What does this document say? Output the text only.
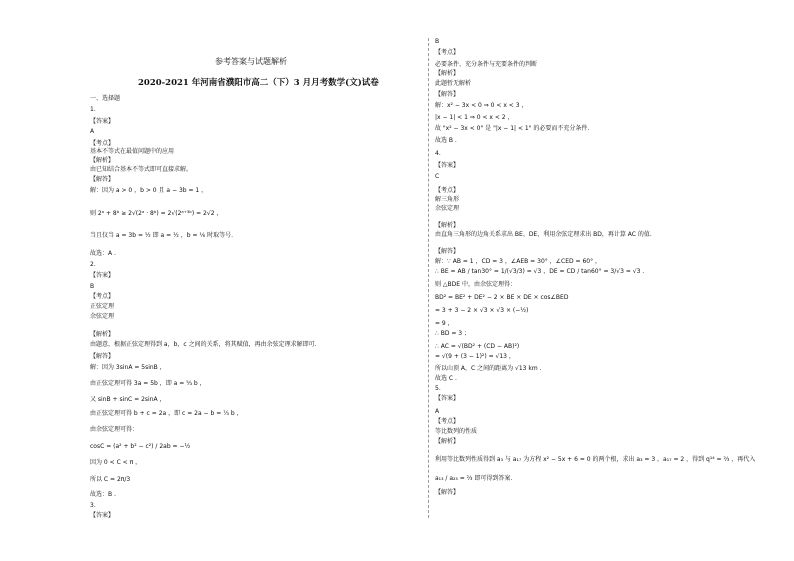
参考答案与试题解析
2020-2021 年河南省濮阳市高二（下）3 月月考数学(文)试卷
一、选择题
1.
【答案】
A
【考点】
基本不等式在最值问题中的应用
【解析】
由已知结合基本不等式即可直接求解。
【解答】
解：因为 a > 0 ，b > 0 且 a − 3b = 1 ，
则 2ᵃ + 8ᵇ ≥ 2√(2ᵃ · 8ᵇ) = 2√(2ᵃ⁺³ᵇ) = 2√2 ，
当且仅当 a = 3b = ½ 即 a = ½ ，b = ⅙ 时取等号.
故选：A .
2.
【答案】
B
【考点】
正弦定理
余弦定理
【解析】
由题意，根据正弦定理得到 a，b，c 之间的关系，将其赋值，再由余弦定理求解即可.
【解答】
解：因为 3sinA = 5sinB ，
由正弦定理可得 3a = 5b ，即 a = ⁵⁄₃ b ，
又 sinB + sinC = 2sinA ，
由正弦定理可得 b + c = 2a ，即 c = 2a − b = ⁷⁄₃ b ，
由余弦定理可得：
cosC = (a² + b² − c²) / 2ab = −½
因为 0 < C < π ，
所以 C = 2π/3
故选：B .
3.
【答案】
B
【考点】
必要条件、充分条件与充要条件的判断
【解析】
此题暂无解析
【解答】
解：x² − 3x < 0 ⇒ 0 < x < 3 ，
|x − 1| < 1 ⇒ 0 < x < 2 ，
故 "x² − 3x < 0" 是 "|x − 1| < 1" 的必要而不充分条件.
故选 B .
4.
【答案】
C
【考点】
解三角形
余弦定理
【解析】
由直角三角形的边角关系求出 BE、DE，利用余弦定理求出 BD，再计算 AC 的值.
【解答】
解：∵ AB = 1 ，CD = 3 ，∠AEB = 30° ，∠CED = 60° ，
∴ BE = AB / tan30° = 1/(√3/3) = √3 ，DE = CD / tan60° = 3/√3 = √3 .
则 △BDE 中，由余弦定理得：
BD² = BE² + DE² − 2 × BE × DE × cos∠BED
= 3 + 3 − 2 × √3 × √3 × (−½)
= 9 ，
∴ BD = 3 ；
∴ AC = √(BD² + (CD − AB)²)
= √(9 + (3 − 1)²) = √13 ，
所以山顶 A，C 之间的距离为 √13 km .
故选 C .
5.
【答案】
A
【考点】
等比数列的性质
【解析】
利用等比数列性质得到 a₃ 与 a₁₇ 为方程 x² − 5x + 6 = 0 的两个根，求出 a₃ = 3 ，a₁₇ = 2 ，得到 q¹⁴ = ⅔ ，再代入
a₁₃ / a₂₃ = ⅔ 即可得到答案.
【解答】
